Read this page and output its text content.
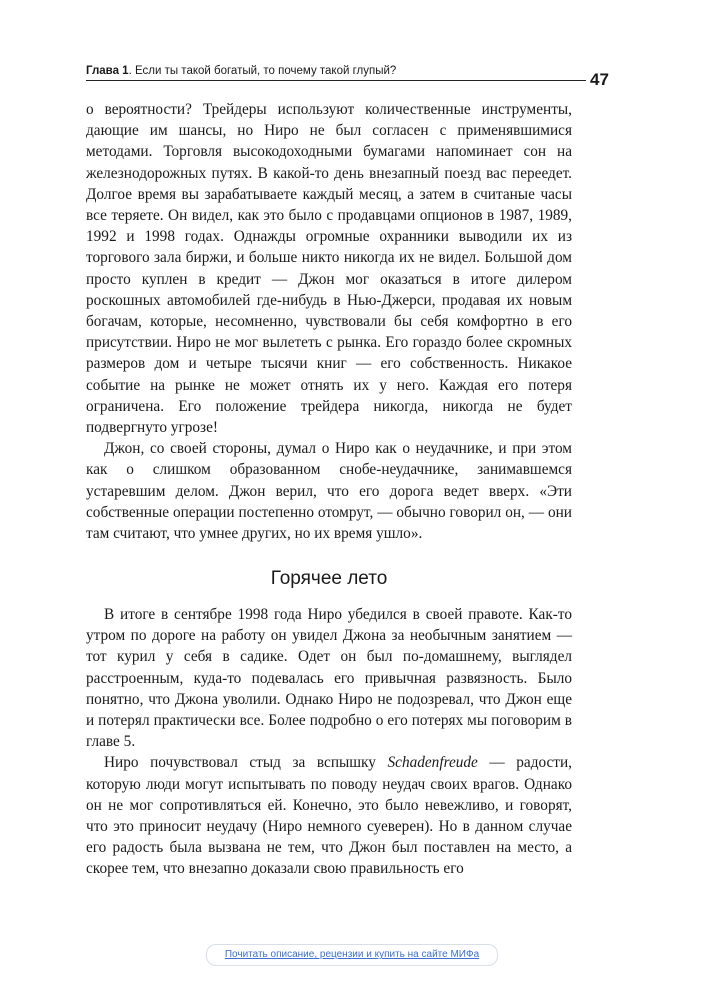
Глава 1. Если ты такой богатый, то почему такой глупый?	47

о вероятности? Трейдеры используют количественные инструменты, дающие им шансы, но Ниро не был согласен с применявшимися методами. Торговля высокодоходными бумагами напоминает сон на железнодорожных путях. В какой-то день внезапный поезд вас переедет. Долгое время вы зарабатываете каждый месяц, а затем в считаные часы все теряете. Он видел, как это было с продавцами опционов в 1987, 1989, 1992 и 1998 годах. Однажды огромные охранники выводили их из торгового зала биржи, и больше никто никогда их не видел. Большой дом просто куплен в кредит — Джон мог оказаться в итоге дилером роскошных автомобилей где-нибудь в Нью-Джерси, продавая их новым богачам, которые, несомненно, чувствовали бы себя комфортно в его присутствии. Ниро не мог вылететь с рынка. Его гораздо более скромных размеров дом и четыре тысячи книг — его собственность. Никакое событие на рынке не может отнять их у него. Каждая его потеря ограничена. Его положение трейдера никогда, никогда не будет подвергнуто угрозе!

Джон, со своей стороны, думал о Ниро как о неудачнике, и при этом как о слишком образованном снобе-неудачнике, занимавшемся устаревшим делом. Джон верил, что его дорога ведет вверх. «Эти собственные операции постепенно отомрут, — обычно говорил он, — они там считают, что умнее других, но их время ушло».

Горячее лето

В итоге в сентябре 1998 года Ниро убедился в своей правоте. Как-то утром по дороге на работу он увидел Джона за необычным занятием — тот курил у себя в садике. Одет он был по-домашнему, выглядел расстроенным, куда-то подевалась его привычная развязность. Было понятно, что Джона уволили. Однако Ниро не подозревал, что Джон еще и потерял практически все. Более подробно о его потерях мы поговорим в главе 5.

Ниро почувствовал стыд за вспышку Schadenfreude — радости, которую люди могут испытывать по поводу неудач своих врагов. Однако он не мог сопротивляться ей. Конечно, это было невежливо, и говорят, что это приносит неудачу (Ниро немного суеверен). Но в данном случае его радость была вызвана не тем, что Джон был поставлен на место, а скорее тем, что внезапно доказали свою правильность его

Почитать описание, рецензии и купить на сайте МИФа
